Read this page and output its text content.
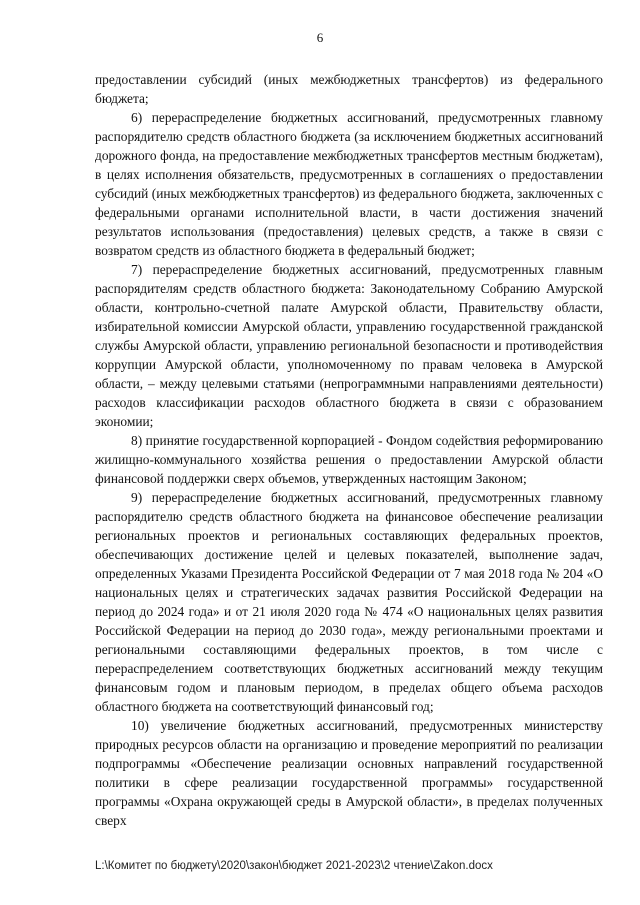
6

предоставлении субсидий (иных межбюджетных трансфертов) из федерального бюджета;

6) перераспределение бюджетных ассигнований, предусмотренных главному распорядителю средств областного бюджета (за исключением бюджетных ассигнований дорожного фонда, на предоставление межбюджетных трансфертов местным бюджетам), в целях исполнения обязательств, предусмотренных в соглашениях о предоставлении субсидий (иных межбюджетных трансфертов) из федерального бюджета, заключенных с федеральными органами исполнительной власти, в части достижения значений результатов использования (предоставления) целевых средств, а также в связи с возвратом средств из областного бюджета в федеральный бюджет;

7) перераспределение бюджетных ассигнований, предусмотренных главным распорядителям средств областного бюджета: Законодательному Собранию Амурской области, контрольно-счетной палате Амурской области, Правительству области, избирательной комиссии Амурской области, управлению государственной гражданской службы Амурской области, управлению региональной безопасности и противодействия коррупции Амурской области, уполномоченному по правам человека в Амурской области, – между целевыми статьями (непрограммными направлениями деятельности) расходов классификации расходов областного бюджета в связи с образованием экономии;

8) принятие государственной корпорацией - Фондом содействия реформированию жилищно-коммунального хозяйства решения о предоставлении Амурской области финансовой поддержки сверх объемов, утвержденных настоящим Законом;

9) перераспределение бюджетных ассигнований, предусмотренных главному распорядителю средств областного бюджета на финансовое обеспечение реализации региональных проектов и региональных составляющих федеральных проектов, обеспечивающих достижение целей и целевых показателей, выполнение задач, определенных Указами Президента Российской Федерации от 7 мая 2018 года № 204 «О национальных целях и стратегических задачах развития Российской Федерации на период до 2024 года» и от 21 июля 2020 года № 474 «О национальных целях развития Российской Федерации на период до 2030 года», между региональными проектами и региональными составляющими федеральных проектов, в том числе с перераспределением соответствующих бюджетных ассигнований между текущим финансовым годом и плановым периодом, в пределах общего объема расходов областного бюджета на соответствующий финансовый год;

10) увеличение бюджетных ассигнований, предусмотренных министерству природных ресурсов области на организацию и проведение мероприятий по реализации подпрограммы «Обеспечение реализации основных направлений государственной политики в сфере реализации государственной программы» государственной программы «Охрана окружающей среды в Амурской области», в пределах полученных сверх

L:\Комитет по бюджету\2020\закон\бюджет 2021-2023\2 чтение\Zakon.docx
